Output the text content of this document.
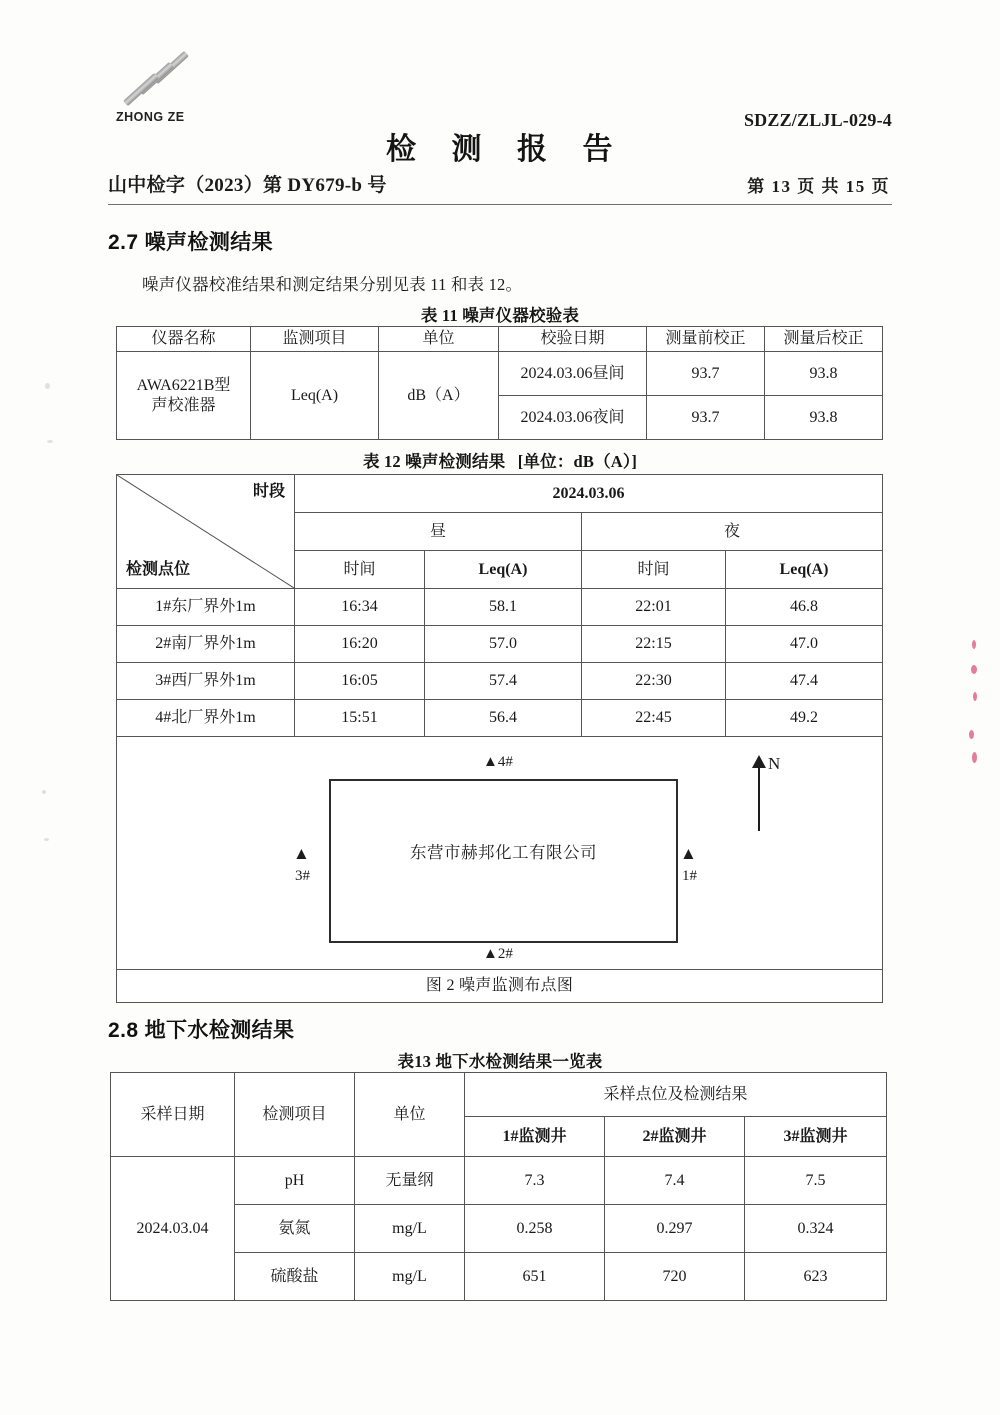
ZHONG ZE	SDZZ/ZLJL-029-4
检 测 报 告
山中检字（2023）第 DY679-b 号	第 13 页 共 15 页
2.7 噪声检测结果
噪声仪器校准结果和测定结果分别见表 11 和表 12。
表 11 噪声仪器校验表
仪器名称	监测项目	单位	校验日期	测量前校正	测量后校正

AWA6221B型
声校准器	Leq(A)	dB（A）	2024.03.06昼间	93.7	93.8
			2024.03.06夜间	93.7	93.8
表 12 噪声检测结果 [单位：dB（A）]
时段
检测点位	2024.03.06			
	昼		夜	
	时间	Leq(A)	时间	Leq(A)
1#东厂界外1m	16:34	58.1	22:01	46.8
2#南厂界外1m	16:20	57.0	22:15	47.0
3#西厂界外1m	16:05	57.4	22:30	47.4
4#北厂界外1m	15:51	56.4	22:45	49.2

东营市赫邦化工有限公司
▲4#
▲2#
▲
3#
▲
1#
N

图 2 噪声监测布点图				
2.8 地下水检测结果
表13 地下水检测结果一览表
采样日期	检测项目	单位	采样点位及检测结果		
			1#监测井	2#监测井	3#监测井
2024.03.04	pH	无量纲	7.3	7.4	7.5
	氨氮	mg/L	0.258	0.297	0.324
	硫酸盐	mg/L	651	720	623
